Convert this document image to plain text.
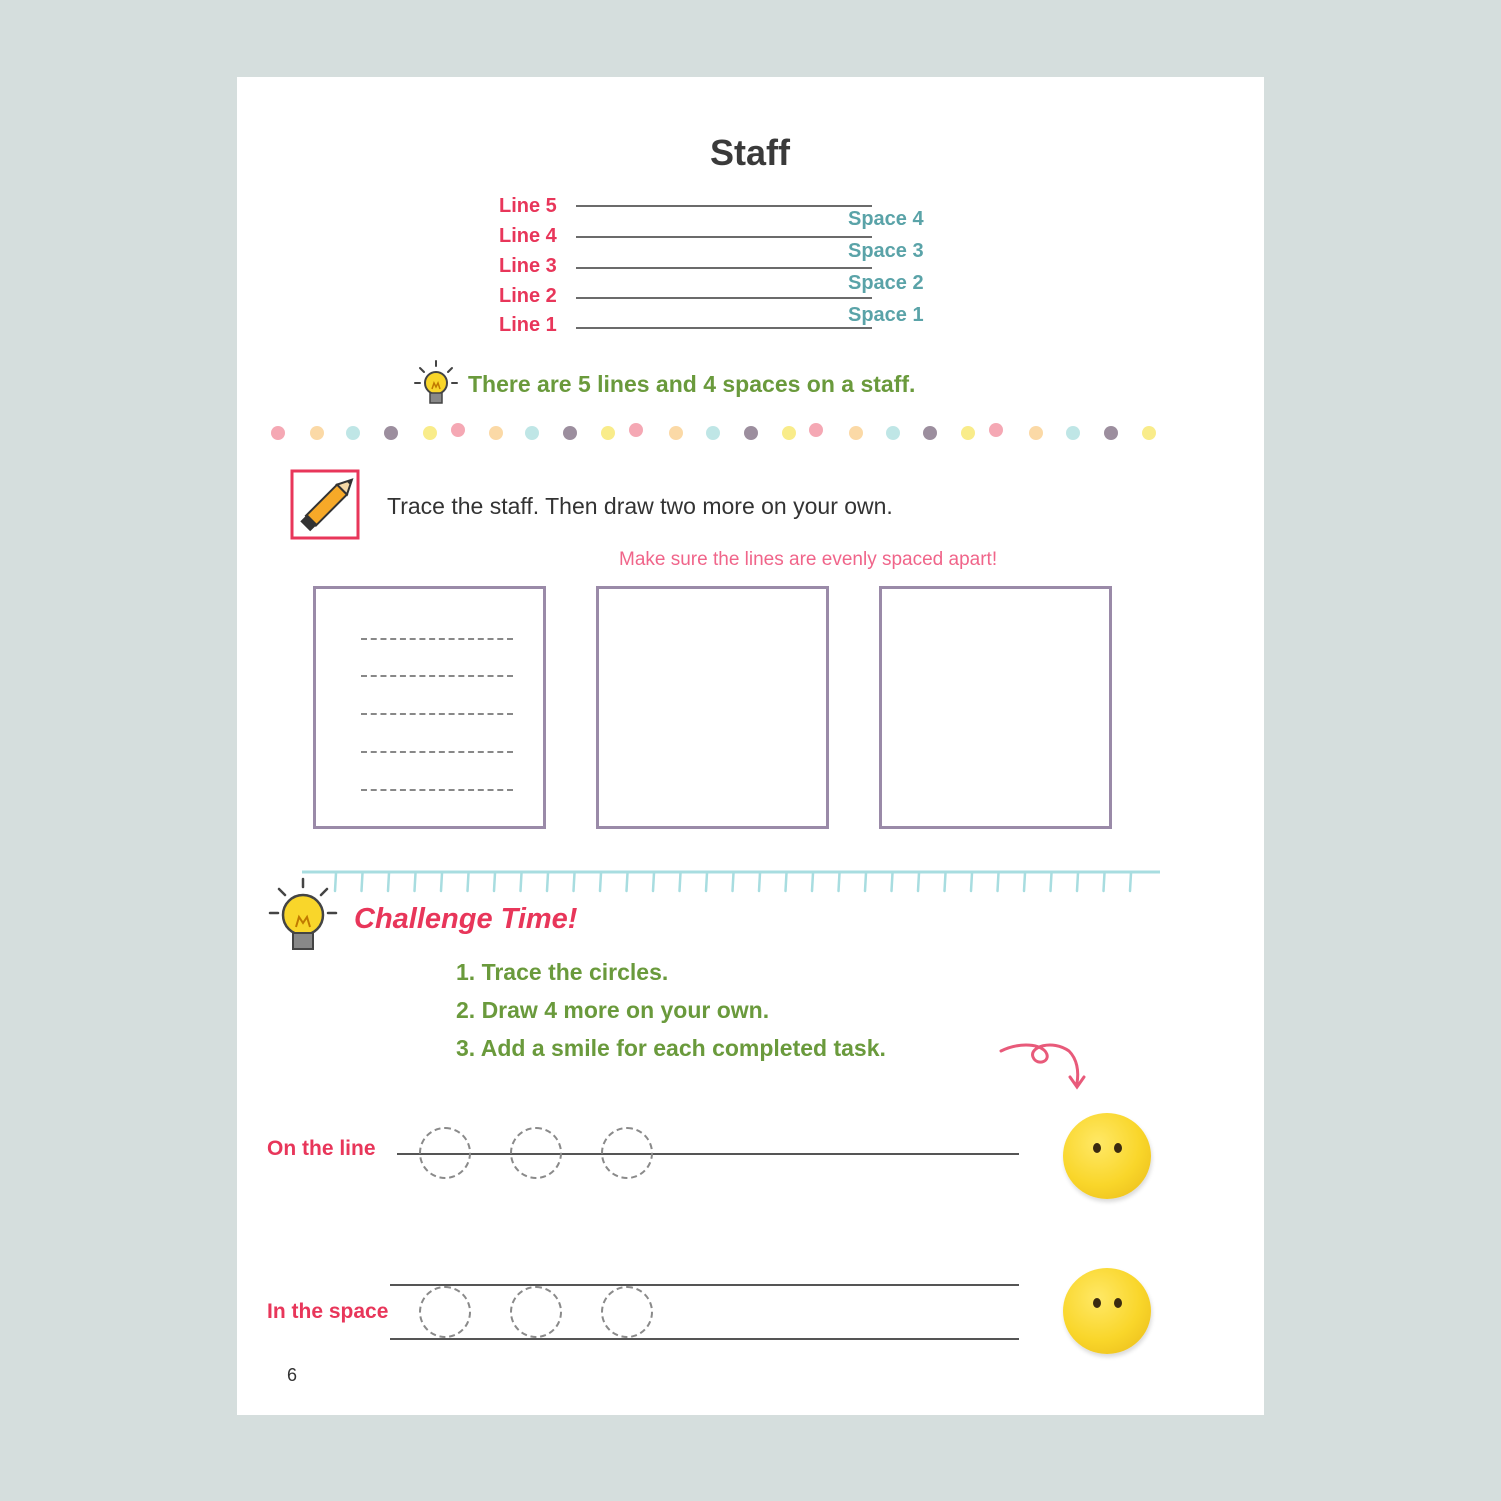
Staff
Line 5
Line 4
Line 3
Line 2
Line 1
Space 4
Space 3
Space 2
Space 1
There are 5 lines and 4 spaces on a staff.
Trace the staff. Then draw two more on your own.
Make sure the lines are evenly spaced apart!
Challenge Time!
1. Trace the circles.
2. Draw 4 more on your own.
3. Add a smile for each completed task.
On the line
In the space
6
